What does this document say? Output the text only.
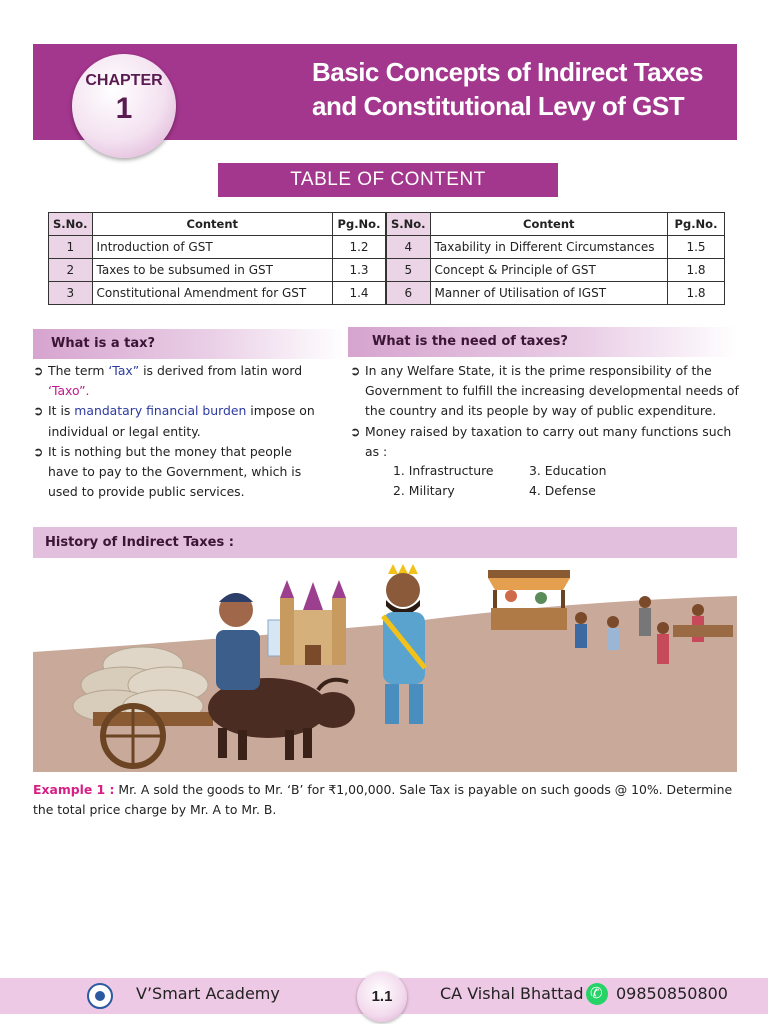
CHAPTER
1
Basic Concepts of Indirect Taxes
and Constitutional Levy of GST
TABLE OF CONTENT
S.No.	Content	Pg.No.
1	Introduction of GST	1.2
2	Taxes to be subsumed in GST	1.3
3	Constitutional Amendment for GST	1.4
S.No.	Content	Pg.No.
4	Taxability in Different Circumstances	1.5
5	Concept & Principle of GST	1.8
6	Manner of Utilisation of IGST	1.8
What is a tax?
➲ The term ‘Tax” is derived from latin word ‘Taxo”.
➲ It is mandatary financial burden impose on individual or legal entity.
➲ It is nothing but the money that people have to pay to the Government, which is used to provide public services.
What is the need of taxes?
➲ In any Welfare State, it is the prime responsibility of the Government to fulfill the increasing developmental needs of the country and its people by way of public expenditure.
➲ Money raised by taxation to carry out many functions such as :
1. Infrastructure	3. Education
2. Military	4. Defense
History of Indirect Taxes :
Example 1 : Mr. A sold the goods to Mr. ‘B’ for ₹1,00,000. Sale Tax is payable on such goods @ 10%. Determine the total price charge by Mr. A to Mr. B.
V’Smart Academy	1.1	CA Vishal Bhattad ✆ 09850850800
